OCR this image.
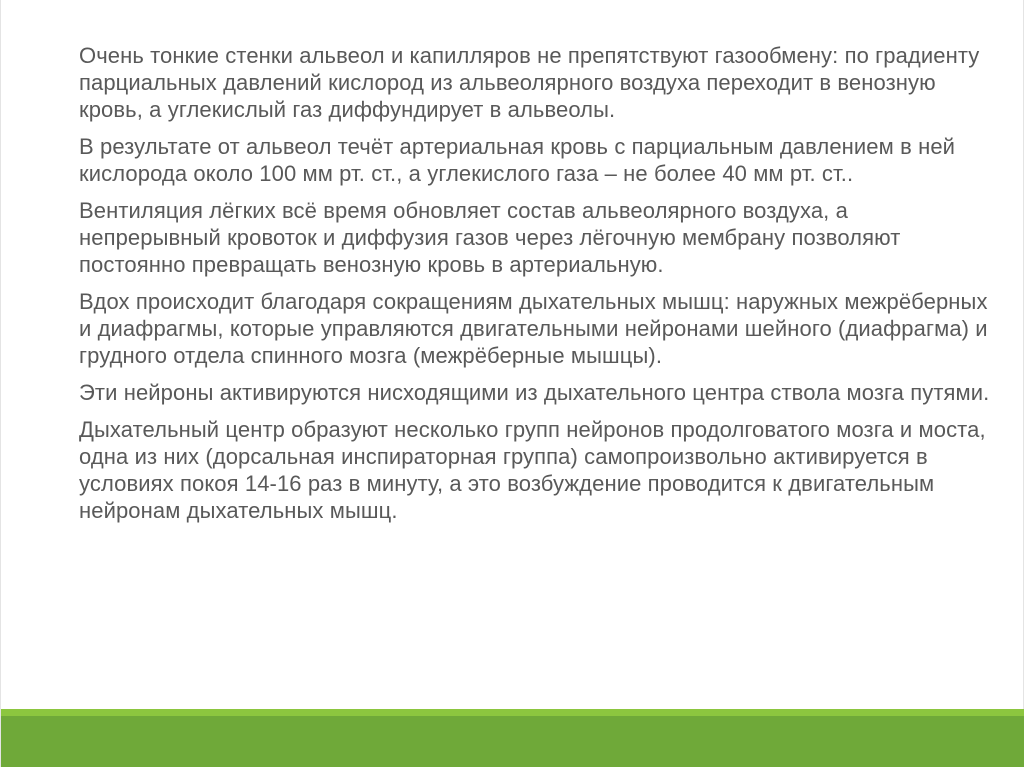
Очень тонкие стенки альвеол и капилляров не препятствуют газообмену: по градиенту парциальных давлений кислород из альвеолярного воздуха переходит в венозную кровь, а углекислый газ диффундирует в альвеолы.

В результате от альвеол течёт артериальная кровь с парциальным давлением в ней кислорода около 100 мм рт. ст., а углекислого газа – не более 40 мм рт. ст..

Вентиляция лёгких всё время обновляет состав альвеолярного воздуха, а непрерывный кровоток и диффузия газов через лёгочную мембрану позволяют постоянно превращать венозную кровь в артериальную.

Вдох происходит благодаря сокращениям дыхательных мышц: наружных межрёберных и диафрагмы, которые управляются двигательными нейронами шейного (диафрагма) и грудного отдела спинного мозга (межрёберные мышцы).

Эти нейроны активируются нисходящими из дыхательного центра ствола мозга путями.

Дыхательный центр образуют несколько групп нейронов продолговатого мозга и моста, одна из них (дорсальная инспираторная группа) самопроизвольно активируется в условиях покоя 14-16 раз в минуту, а это возбуждение проводится к двигательным нейронам дыхательных мышц.
